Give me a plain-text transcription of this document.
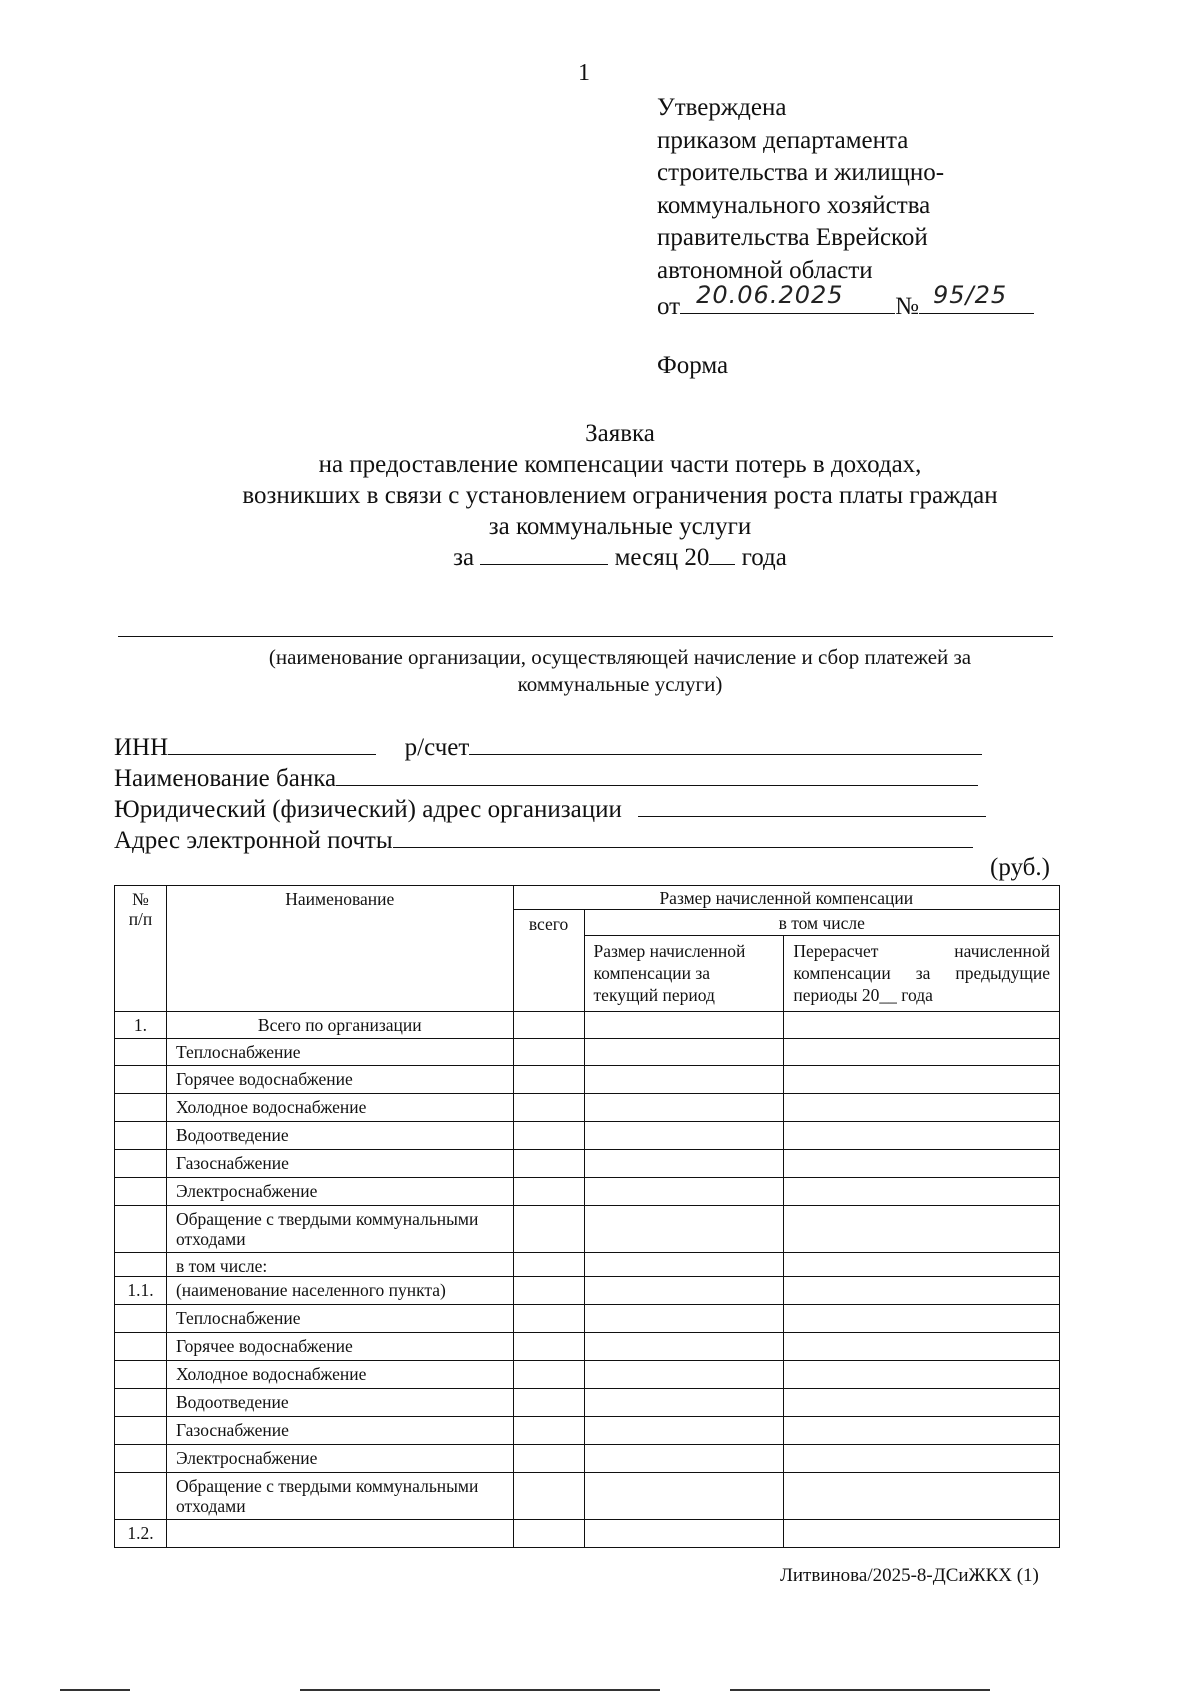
1
Утверждена
приказом департамента
строительства и жилищно-
коммунального хозяйства
правительства Еврейской
автономной области
от 20.06.2025 № 95/25
Форма
Заявка
на предоставление компенсации части потерь в доходах,
возникших в связи с установлением ограничения роста платы граждан
за коммунальные услуги
за	месяц 20 года
(наименование организации, осуществляющей начисление и сбор платежей за
коммунальные услуги)
ИНН	р/счет
Наименование банка
Юридический (физический) адрес организации
Адрес электронной почты
(руб.)
№ п/п	Наименование	Размер начисленной компенсации		
		всего	в том числе	
			Размер начисленной компенсации за текущий период	Перерасчет начисленной компенсации за предыдущие периоды 20__ года
1.	Всего по организации			
	Теплоснабжение			
	Горячее водоснабжение			
	Холодное водоснабжение			
	Водоотведение			
	Газоснабжение			
	Электроснабжение			
	Обращение с твердыми коммунальными отходами			
	в том числе:			
1.1.	(наименование населенного пункта)			
	Теплоснабжение			
	Горячее водоснабжение			
	Холодное водоснабжение			
	Водоотведение			
	Газоснабжение			
	Электроснабжение			
	Обращение с твердыми коммунальными отходами			
1.2.				
Литвинова/2025-8-ДСиЖКХ (1)
